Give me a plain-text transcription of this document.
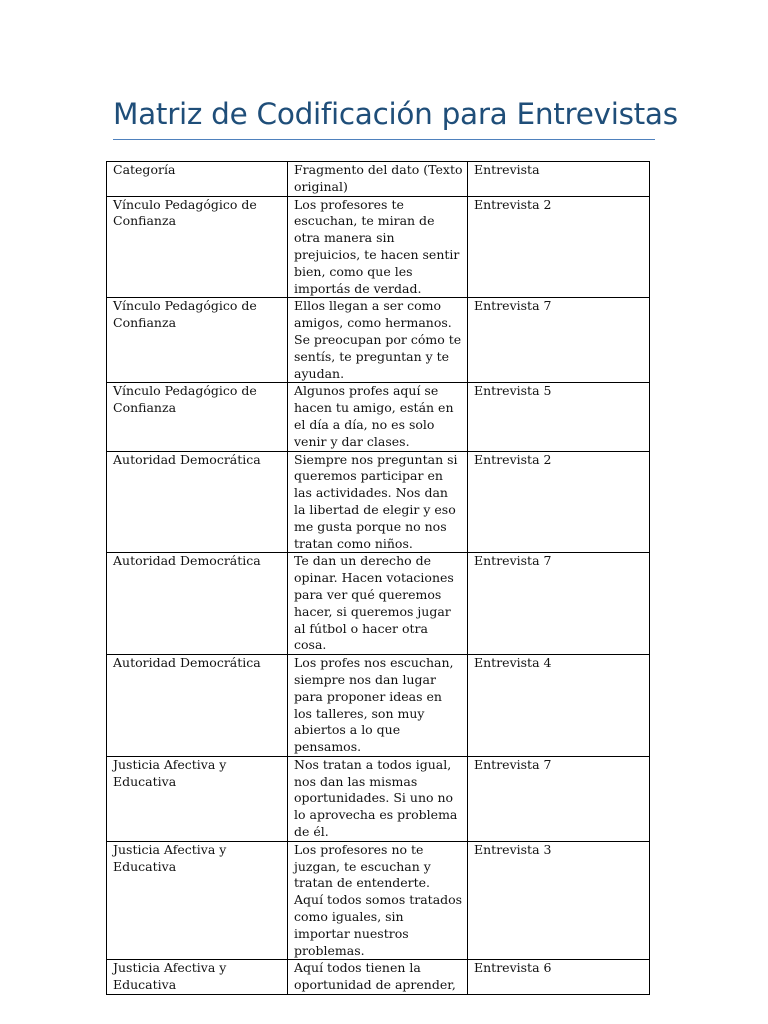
Matriz de Codificación para Entrevistas
Categoría	Fragmento del dato (Texto original)	Entrevista
Vínculo Pedagógico de Confianza	Los profesores te escuchan, te miran de otra manera sin prejuicios, te hacen sentir bien, como que les importás de verdad.	Entrevista 2
Vínculo Pedagógico de Confianza	Ellos llegan a ser como amigos, como hermanos. Se preocupan por cómo te sentís, te preguntan y te ayudan.	Entrevista 7
Vínculo Pedagógico de Confianza	Algunos profes aquí se hacen tu amigo, están en el día a día, no es solo venir y dar clases.	Entrevista 5
Autoridad Democrática	Siempre nos preguntan si queremos participar en las actividades. Nos dan la libertad de elegir y eso me gusta porque no nos tratan como niños.	Entrevista 2
Autoridad Democrática	Te dan un derecho de opinar. Hacen votaciones para ver qué queremos hacer, si queremos jugar al fútbol o hacer otra cosa.	Entrevista 7
Autoridad Democrática	Los profes nos escuchan, siempre nos dan lugar para proponer ideas en los talleres, son muy abiertos a lo que pensamos.	Entrevista 4
Justicia Afectiva y Educativa	Nos tratan a todos igual, nos dan las mismas oportunidades. Si uno no lo aprovecha es problema de él.	Entrevista 7
Justicia Afectiva y Educativa	Los profesores no te juzgan, te escuchan y tratan de entenderte. Aquí todos somos tratados como iguales, sin importar nuestros problemas.	Entrevista 3
Justicia Afectiva y Educativa	Aquí todos tienen la oportunidad de aprender,	Entrevista 6
